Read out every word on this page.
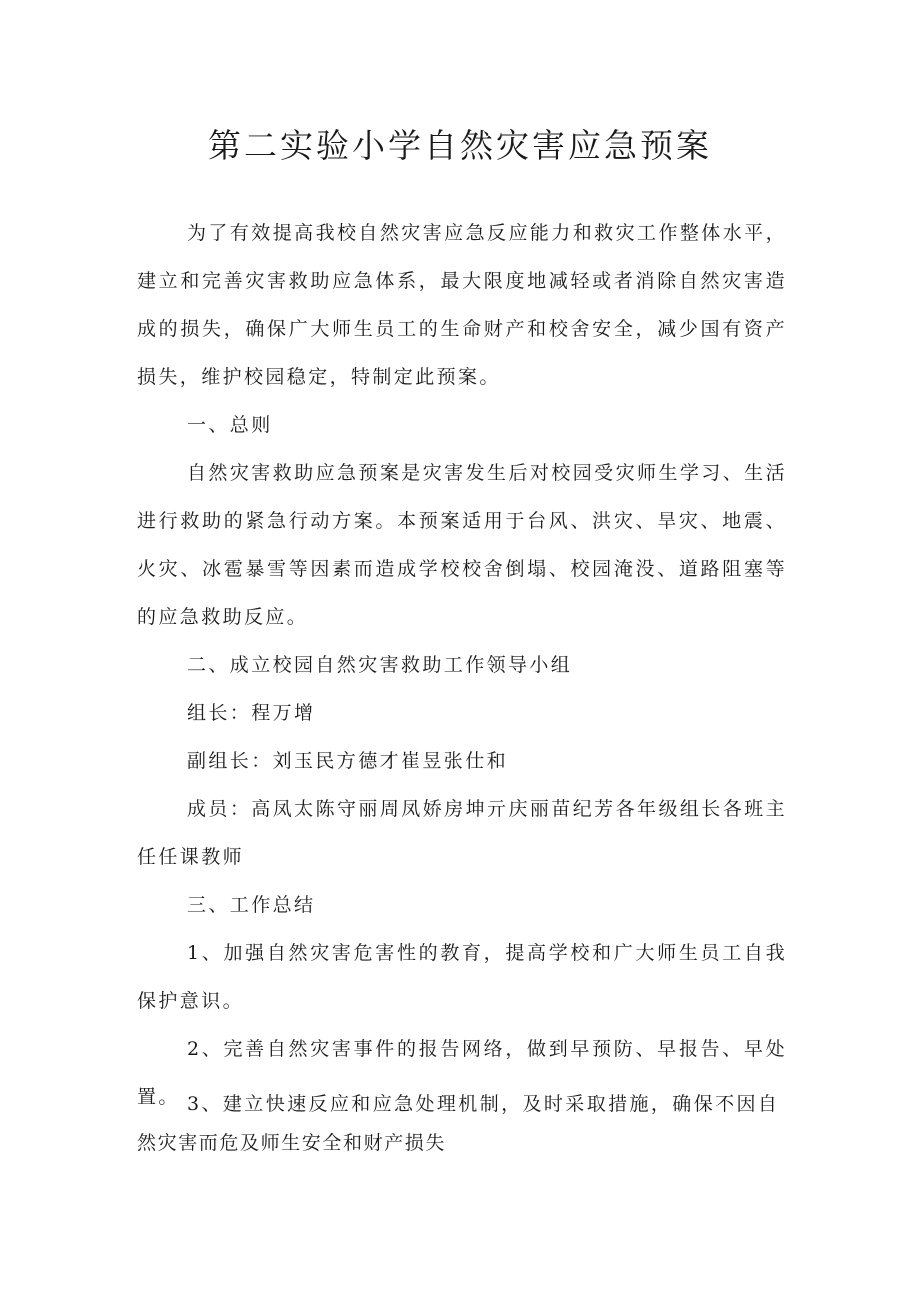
第二实验小学自然灾害应急预案

为了有效提高我校自然灾害应急反应能力和救灾工作整体水平，建立和完善灾害救助应急体系，最大限度地减轻或者消除自然灾害造成的损失，确保广大师生员工的生命财产和校舍安全，减少国有资产损失，维护校园稳定，特制定此预案。

一、总则

自然灾害救助应急预案是灾害发生后对校园受灾师生学习、生活进行救助的紧急行动方案。本预案适用于台风、洪灾、旱灾、地震、火灾、冰雹暴雪等因素而造成学校校舍倒塌、校园淹没、道路阻塞等的应急救助反应。

二、成立校园自然灾害救助工作领导小组

组长：程万增

副组长：刘玉民方德才崔昱张仕和

成员：高凤太陈守丽周凤娇房坤亓庆丽苗纪芳各年级组长各班主任任课教师

三、工作总结

1、加强自然灾害危害性的教育，提高学校和广大师生员工自我保护意识。

2、完善自然灾害事件的报告网络，做到早预防、早报告、早处置。 3、建立快速反应和应急处理机制，及时采取措施，确保不因自

然灾害而危及师生安全和财产损失
